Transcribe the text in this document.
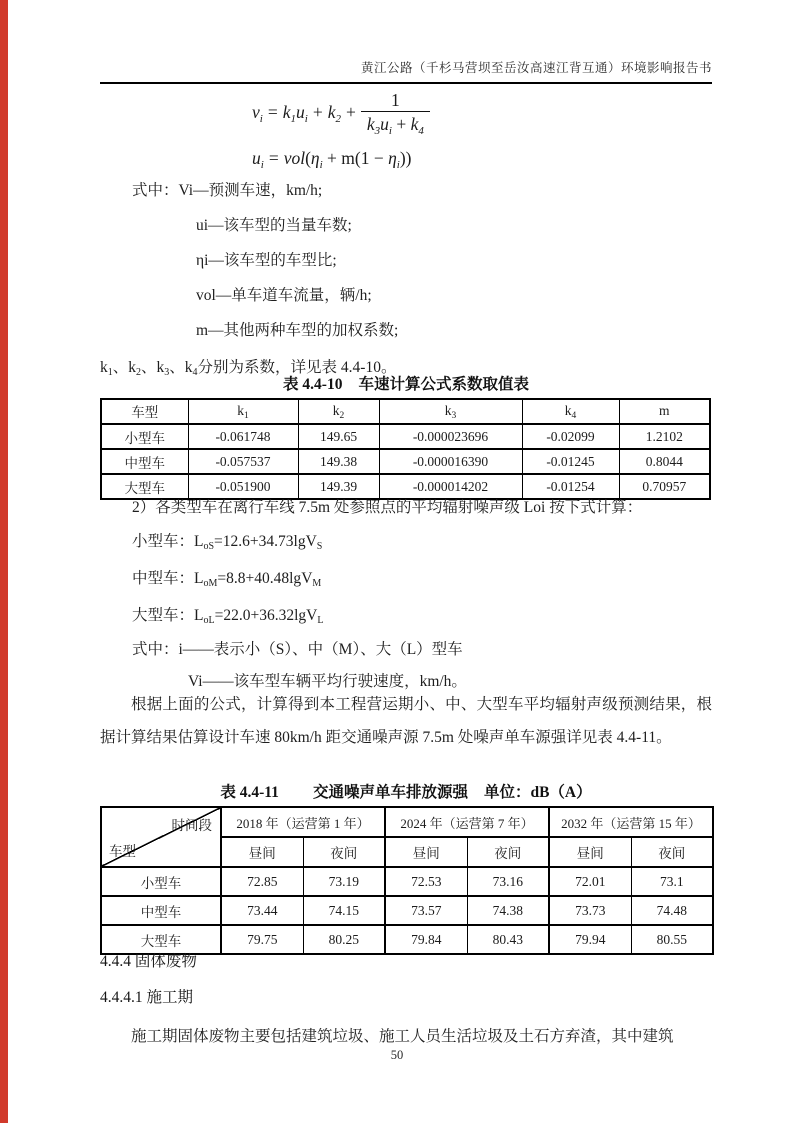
黄江公路（千杉马营坝至岳汝高速江背互通）环境影响报告书
$v_i = k_1u_i + k_2 + \frac{1}{k_3u_i + k_4}$
$u_i = vol(\eta_i + m(1 - \eta_i))$
式中：Vi—预测车速，km/h;
ui—该车型的当量车数;
ηi—该车型的车型比;
vol—单车道车流量，辆/h;
m—其他两种车型的加权系数;
$k_1$、$k_2$、$k_3$、$k_4$分别为系数，详见表 4.4-10。
表 4.4-10 车速计算公式系数取值表
车型	$k_1$	$k_2$	$k_3$	$k_4$	m
小型车	-0.061748	149.65	-0.000023696	-0.02099	1.2102
中型车	-0.057537	149.38	-0.000016390	-0.01245	0.8044
大型车	-0.051900	149.39	-0.000014202	-0.01254	0.70957
2）各类型车在离行车线 7.5m 处参照点的平均辐射噪声级 Loi 按下式计算：
小型车：$L_{oS}=12.6+34.73\lg V_S$
中型车：$L_{oM}=8.8+40.48\lg V_M$
大型车：$L_{oL}=22.0+36.32\lg V_L$
式中：i——表示小（S）、中（M）、大（L）型车
Vi——该车型车辆平均行驶速度，km/h。
根据上面的公式，计算得到本工程营运期小、中、大型车平均辐射声级预测结果，根据计算结果估算设计车速 80km/h 距交通噪声源 7.5m 处噪声单车源强详见表 4.4-11。
表 4.4-11 交通噪声单车排放源强 单位：dB（A）
时间段
车型	2018 年（运营第 1 年）		2024 年（运营第 7 年）		2032 年（运营第 15 年）	
	昼间	夜间	昼间	夜间	昼间	夜间
小型车	72.85	73.19	72.53	73.16	72.01	73.1
中型车	73.44	74.15	73.57	74.38	73.73	74.48
大型车	79.75	80.25	79.84	80.43	79.94	80.55
4.4.4 固体废物
4.4.4.1 施工期
施工期固体废物主要包括建筑垃圾、施工人员生活垃圾及土石方弃渣，其中建筑
50
